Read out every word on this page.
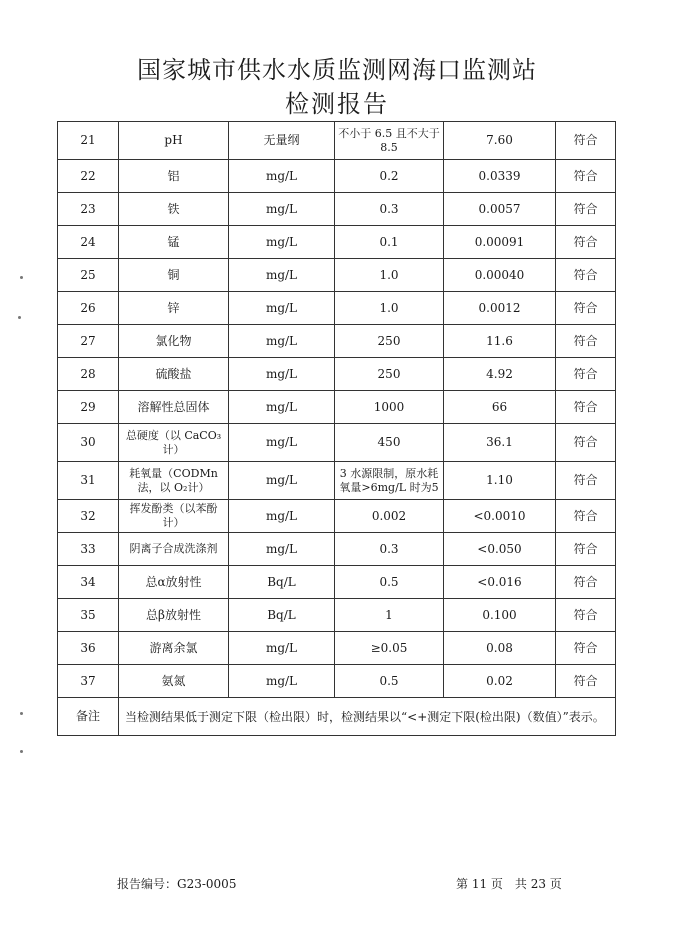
国家城市供水水质监测网海口监测站
检测报告
21	pH	无量纲	不小于 6.5 且不大于 8.5	7.60	符合
22	铝	mg/L	0.2	0.0339	符合
23	铁	mg/L	0.3	0.0057	符合
24	锰	mg/L	0.1	0.00091	符合
25	铜	mg/L	1.0	0.00040	符合
26	锌	mg/L	1.0	0.0012	符合
27	氯化物	mg/L	250	11.6	符合
28	硫酸盐	mg/L	250	4.92	符合
29	溶解性总固体	mg/L	1000	66	符合
30	总硬度（以 CaCO₃计）	mg/L	450	36.1	符合
31	耗氧量（CODMn法，以 O₂计）	mg/L	3 水源限制，原水耗氧量>6mg/L 时为5	1.10	符合
32	挥发酚类（以苯酚计）	mg/L	0.002	<0.0010	符合
33	阴离子合成洗涤剂	mg/L	0.3	<0.050	符合
34	总α放射性	Bq/L	0.5	<0.016	符合
35	总β放射性	Bq/L	1	0.100	符合
36	游离余氯	mg/L	≥0.05	0.08	符合
37	氨氮	mg/L	0.5	0.02	符合
备注	当检测结果低于测定下限（检出限）时，检测结果以“<+测定下限(检出限)（数值）”表示。				
报告编号：G23-0005	第 11 页　共 23 页
